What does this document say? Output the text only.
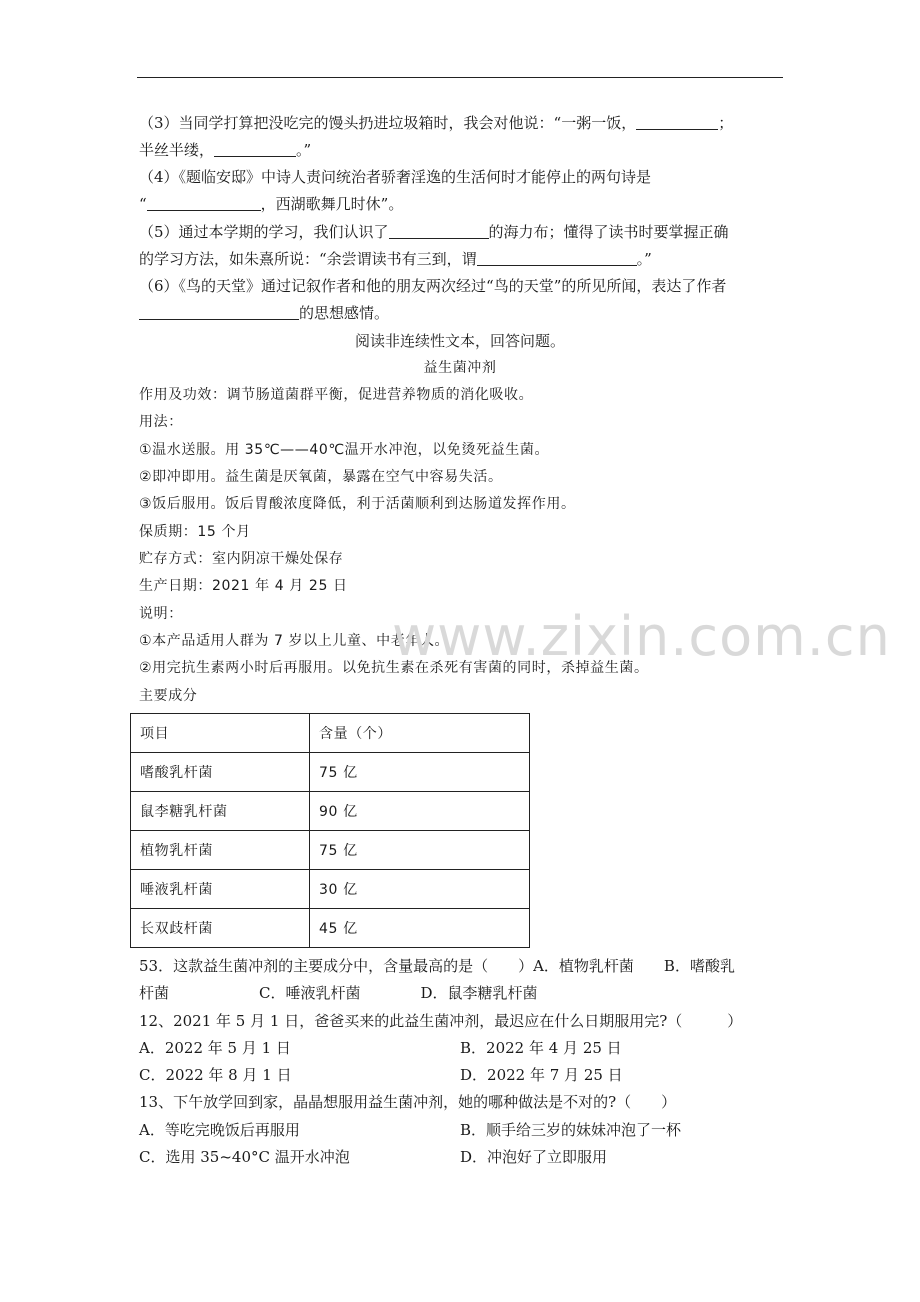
（3）当同学打算把没吃完的馒头扔进垃圾箱时，我会对他说：“一粥一饭，	；
半丝半缕，	。”
（4）《题临安邸》中诗人责问统治者骄奢淫逸的生活何时才能停止的两句诗是
“	，西湖歌舞几时休”。
（5）通过本学期的学习，我们认识了	的海力布；懂得了读书时要掌握正确
的学习方法，如朱熹所说：“余尝谓读书有三到，谓	。”
（6）《鸟的天堂》通过记叙作者和他的朋友两次经过“鸟的天堂”的所见所闻，表达了作者
的思想感情。
阅读非连续性文本，回答问题。
益生菌冲剂
作用及功效：调节肠道菌群平衡，促进营养物质的消化吸收。
用法：
①温水送服。用 35℃——40℃温开水冲泡，以免烫死益生菌。
②即冲即用。益生菌是厌氧菌，暴露在空气中容易失活。
③饭后服用。饭后胃酸浓度降低，利于活菌顺利到达肠道发挥作用。
保质期：15 个月
贮存方式：室内阴凉干燥处保存
生产日期：2021 年 4 月 25 日
说明：
①本产品适用人群为 7 岁以上儿童、中老年人。
②用完抗生素两小时后再服用。以免抗生素在杀死有害菌的同时，杀掉益生菌。
主要成分
www.zixin.com.cn
项目	含量（个）
嗜酸乳杆菌	75 亿
鼠李糖乳杆菌	90 亿
植物乳杆菌	75 亿
唾液乳杆菌	30 亿
长双歧杆菌	45 亿
53．这款益生菌冲剂的主要成分中，含量最高的是（　　）A．植物乳杆菌　　B．嗜酸乳
杆菌　　　　　　C．唾液乳杆菌　　　　D．鼠李糖乳杆菌
12、2021 年 5 月 1 日，爸爸买来的此益生菌冲剂，最迟应在什么日期服用完?（　　　）
A．2022 年 5 月 1 日	B．2022 年 4 月 25 日
C．2022 年 8 月 1 日	D．2022 年 7 月 25 日
13、下午放学回到家，晶晶想服用益生菌冲剂，她的哪种做法是不对的?（　　）
A．等吃完晚饭后再服用	B．顺手给三岁的妹妹冲泡了一杯
C．选用 35~40°C 温开水冲泡	D．冲泡好了立即服用
